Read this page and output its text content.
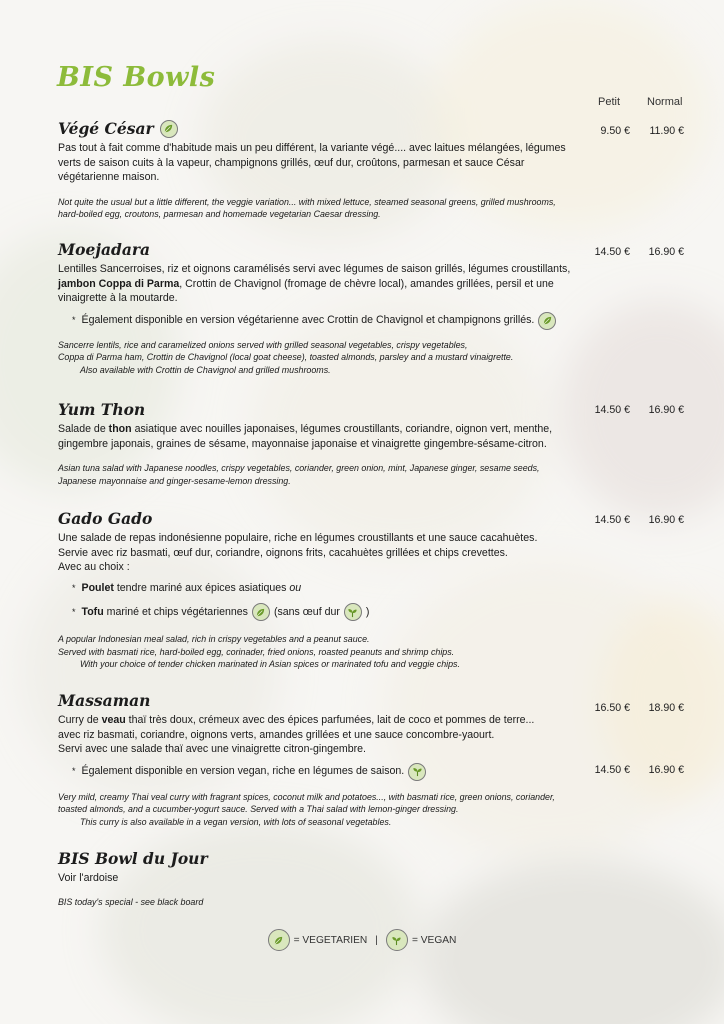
BIS Bowls
Petit Normal
Végé César

Pas tout à fait comme d'habitude mais un peu différent, la variante végé.... avec laitues mélangées, légumes verts de saison cuits à la vapeur, champignons grillés, œuf dur, croûtons, parmesan et sauce César végétarienne maison.

Not quite the usual but a little different, the veggie variation... with mixed lettuce, steamed seasonal greens, grilled mushrooms, hard-boiled egg, croutons, parmesan and homemade vegetarian Caesar dressing.

9.50 €	11.90 €
Moejadara

Lentilles Sancerroises, riz et oignons caramélisés servi avec légumes de saison grillés, légumes croustillants, jambon Coppa di Parma, Crottin de Chavignol (fromage de chèvre local), amandes grillées, persil et une vinaigrette à la moutarde.

* Également disponible en version végétarienne avec Crottin de Chavignol et champignons grillés.

Sancerre lentils, rice and caramelized onions served with grilled seasonal vegetables, crispy vegetables,
Coppa di Parma ham, Crottin de Chavignol (local goat cheese), toasted almonds, parsley and a mustard vinaigrette.
Also available with Crottin de Chavignol and grilled mushrooms.

14.50 €	16.90 €
Yum Thon

Salade de thon asiatique avec nouilles japonaises, légumes croustillants, coriandre, oignon vert, menthe, gingembre japonais, graines de sésame, mayonnaise japonaise et vinaigrette gingembre-sésame-citron.

Asian tuna salad with Japanese noodles, crispy vegetables, coriander, green onion, mint, Japanese ginger, sesame seeds, Japanese mayonnaise and ginger-sesame-lemon dressing.

14.50 €	16.90 €
Gado Gado

Une salade de repas indonésienne populaire, riche en légumes croustillants et une sauce cacahuètes.
Servie avec riz basmati, œuf dur, coriandre, oignons frits, cacahuètes grillées et chips crevettes.
Avec au choix :

* Poulet tendre mariné aux épices asiatiques ou
* Tofu mariné et chips végétariennes (sans œuf dur )

A popular Indonesian meal salad, rich in crispy vegetables and a peanut sauce.
Served with basmati rice, hard-boiled egg, corinader, fried onions, roasted peanuts and shrimp chips.
With your choice of tender chicken marinated in Asian spices or marinated tofu and veggie chips.

14.50 €	16.90 €
Massaman

Curry de veau thaï très doux, crémeux avec des épices parfumées, lait de coco et pommes de terre...
avec riz basmati, coriandre, oignons verts, amandes grillées et une sauce concombre-yaourt.
Servi avec une salade thaï avec une vinaigrette citron-gingembre.

* Également disponible en version vegan, riche en légumes de saison.

Very mild, creamy Thai veal curry with fragrant spices, coconut milk and potatoes..., with basmati rice, green onions, coriander, toasted almonds, and a cucumber-yogurt sauce. Served with a Thai salad with lemon-ginger dressing.
This curry is also available in a vegan version, with lots of seasonal vegetables.

16.50 €	18.90 €
14.50 €	16.90 €
BIS Bowl du Jour

Voir l'ardoise

BIS today's special - see black board

= VEGETARIEN |	= VEGAN
